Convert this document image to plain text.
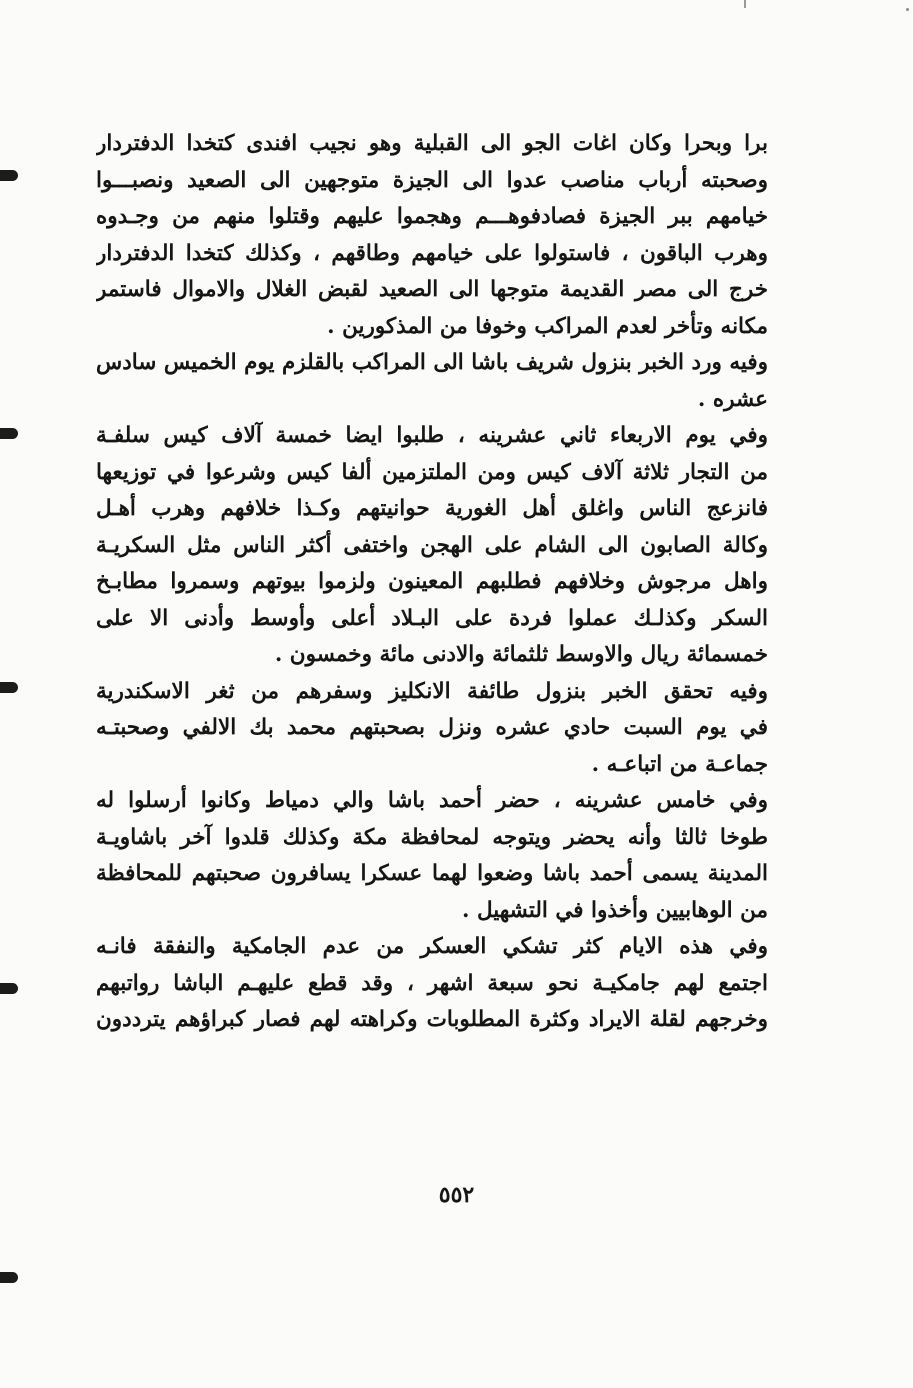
برا وبحرا وكان اغات الجو الى القبلية وهو نجيب افندى كتخدا الدفتردار
وصحبته أرباب مناصب عدوا الى الجيزة متوجهين الى الصعيد ونصبـــوا
خيامهم ببر الجيزة فصادفوهـــم وهجموا عليهم وقتلوا منهم من وجـدوه
وهرب الباقون ، فاستولوا على خيامهم وطاقهم ، وكذلك كتخدا الدفتردار
خرج الى مصر القديمة متوجها الى الصعيد لقبض الغلال والاموال فاستمر
مكانه وتأخر لعدم المراكب وخوفا من المذكورين .
وفيه ورد الخبر بنزول شريف باشا الى المراكب بالقلزم يوم الخميس سادس
عشره .
وفي يوم الاربعاء ثاني عشرينه ، طلبوا ايضا خمسة آلاف كيس سلفـة
من التجار ثلاثة آلاف كيس ومن الملتزمين ألفا كيس وشرعوا في توزيعها
فانزعج الناس واغلق أهل الغورية حوانيتهم وكـذا خلافهم وهرب أهـل
وكالة الصابون الى الشام على الهجن واختفى أكثر الناس مثل السكريـة
واهل مرجوش وخلافهم فطلبهم المعينون ولزموا بيوتهم وسمروا مطابـخ
السكر وكذلـك عملوا فردة على البـلاد أعلى وأوسط وأدنى الا على
خمسمائة ريال والاوسط ثلثمائة والادنى مائة وخمسون .
وفيه تحقق الخبر بنزول طائفة الانكليز وسفرهم من ثغر الاسكندرية
في يوم السبت حادي عشره ونزل بصحبتهم محمد بك الالفي وصحبتـه
جماعـة من اتباعـه .
وفي خامس عشرينه ، حضر أحمد باشا والي دمياط وكانوا أرسلوا له
طوخا ثالثا وأنه يحضر ويتوجه لمحافظة مكة وكذلك قلدوا آخر باشاويـة
المدينة يسمى أحمد باشا وضعوا لهما عسكرا يسافرون صحبتهم للمحافظة
من الوهابيين وأخذوا في التشهيل .
وفي هذه الايام كثر تشكي العسكر من عدم الجامكية والنفقة فانـه
اجتمع لهم جامكيـة نحو سبعة اشهر ، وقد قطع عليهـم الباشا رواتبهم
وخرجهم لقلة الايراد وكثرة المطلوبات وكراهته لهم فصار كبراؤهم يترددون
٥٥٢
